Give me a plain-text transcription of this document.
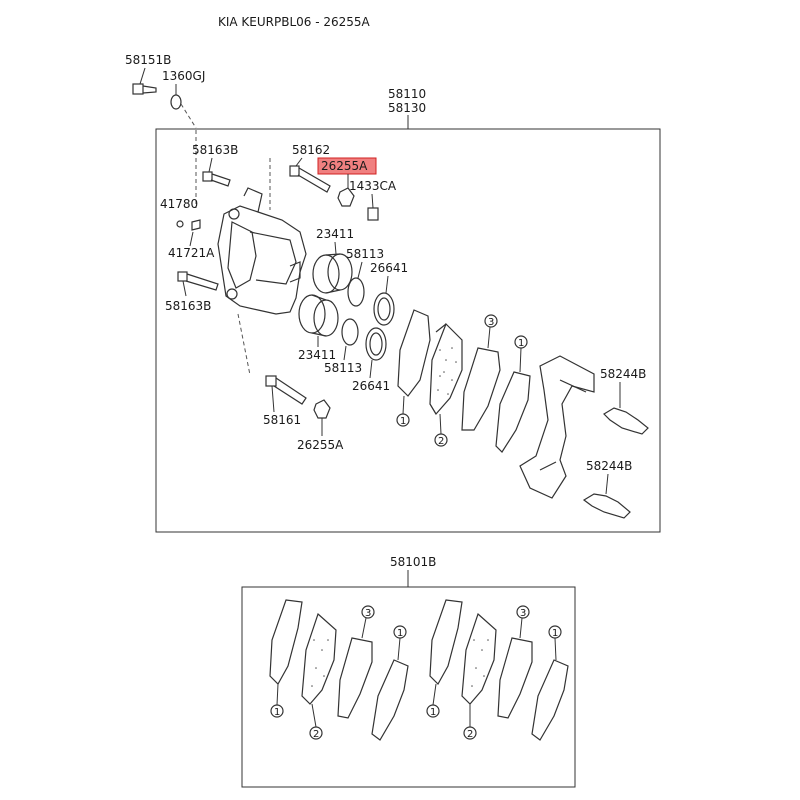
KIA KEURPBL06 - 26255A
58151B
1360GJ
58110
58130
58163B	58162
26255A
1433CA
41780
41721A
58163B
23411
23411
58113
58113
26641
26641
58161
26255A
1
2
3
1
58244B
58244B
58101B
1
2
3
1
1
2
3
1
